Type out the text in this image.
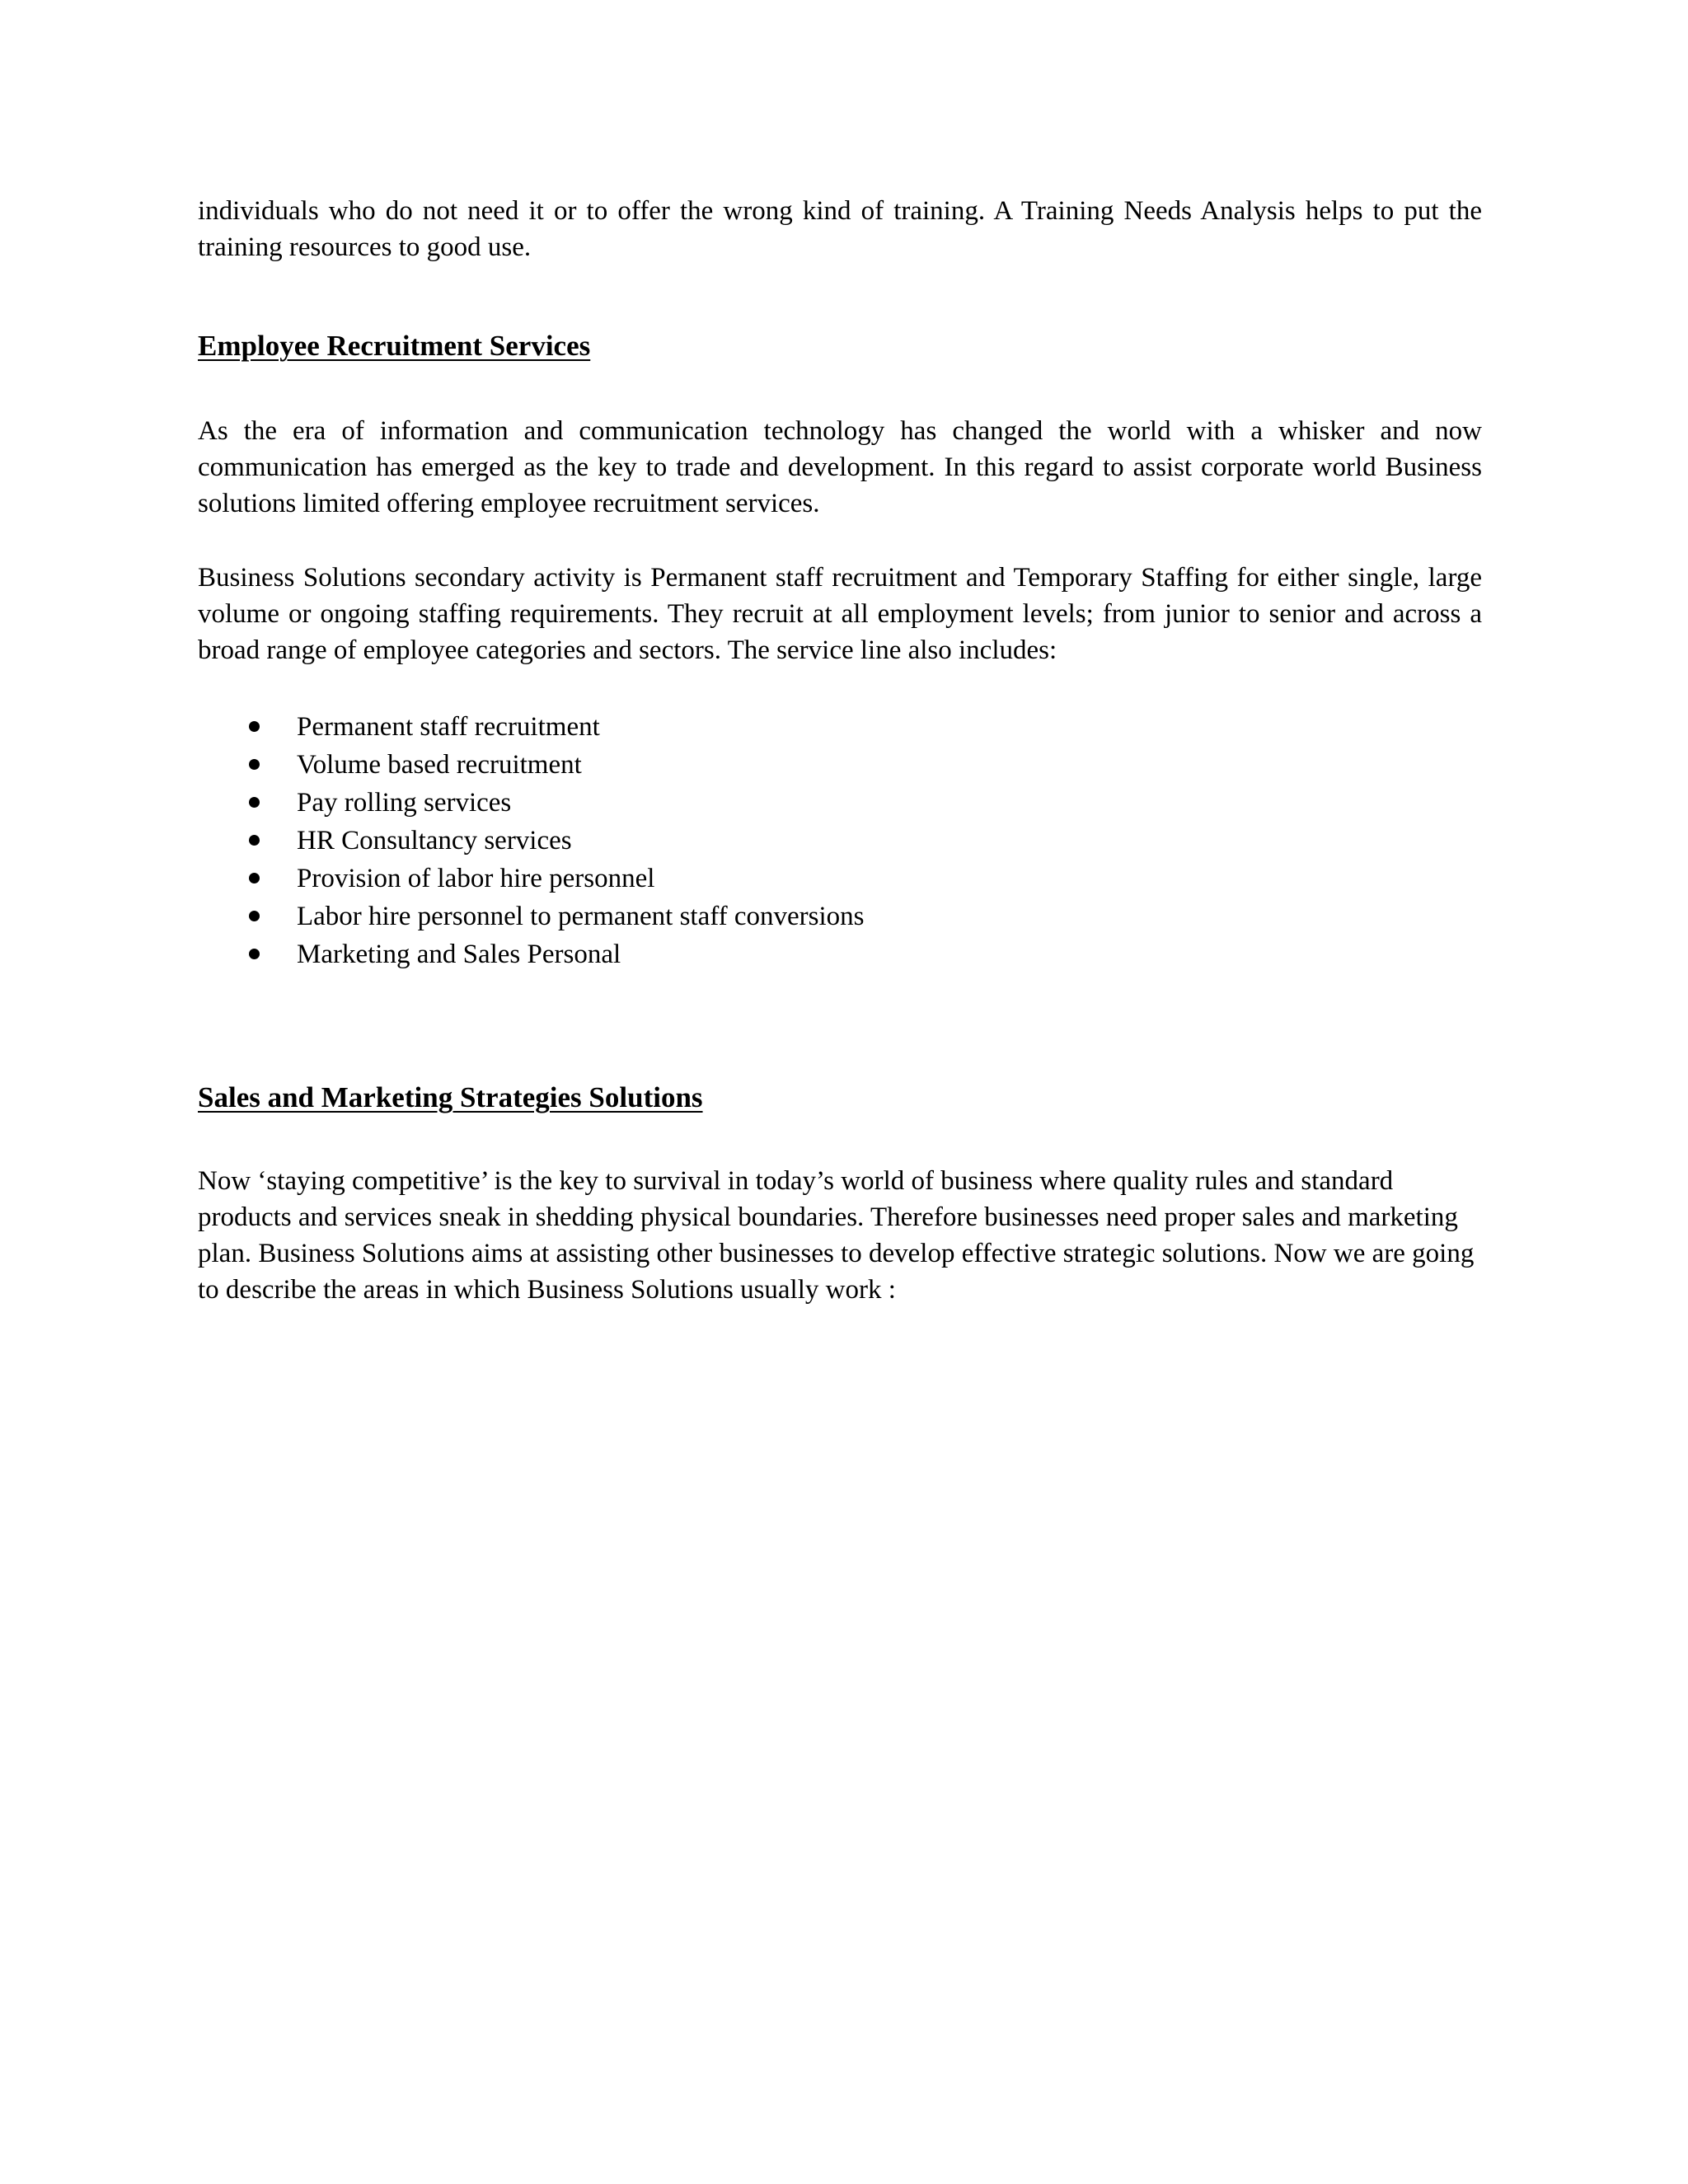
individuals who do not need it or to offer the wrong kind of training. A Training Needs Analysis helps to put the training resources to good use.

Employee Recruitment Services

As the era of information and communication technology has changed the world with a whisker and now communication has emerged as the key to trade and development. In this regard to assist corporate world Business solutions limited offering employee recruitment services.

Business Solutions secondary activity is Permanent staff recruitment and Temporary Staffing for either single, large volume or ongoing staffing requirements. They recruit at all employment levels; from junior to senior and across a broad range of employee categories and sectors. The service line also includes:

Permanent staff recruitment
Volume based recruitment
Pay rolling services
HR Consultancy services
Provision of labor hire personnel
Labor hire personnel to permanent staff conversions
Marketing and Sales Personal
Sales and Marketing Strategies Solutions

Now ‘staying competitive’ is the key to survival in today’s world of business where quality rules and standard products and services sneak in shedding physical boundaries. Therefore businesses need proper sales and marketing plan. Business Solutions aims at assisting other businesses to develop effective strategic solutions. Now we are going to describe the areas in which Business Solutions usually work :
